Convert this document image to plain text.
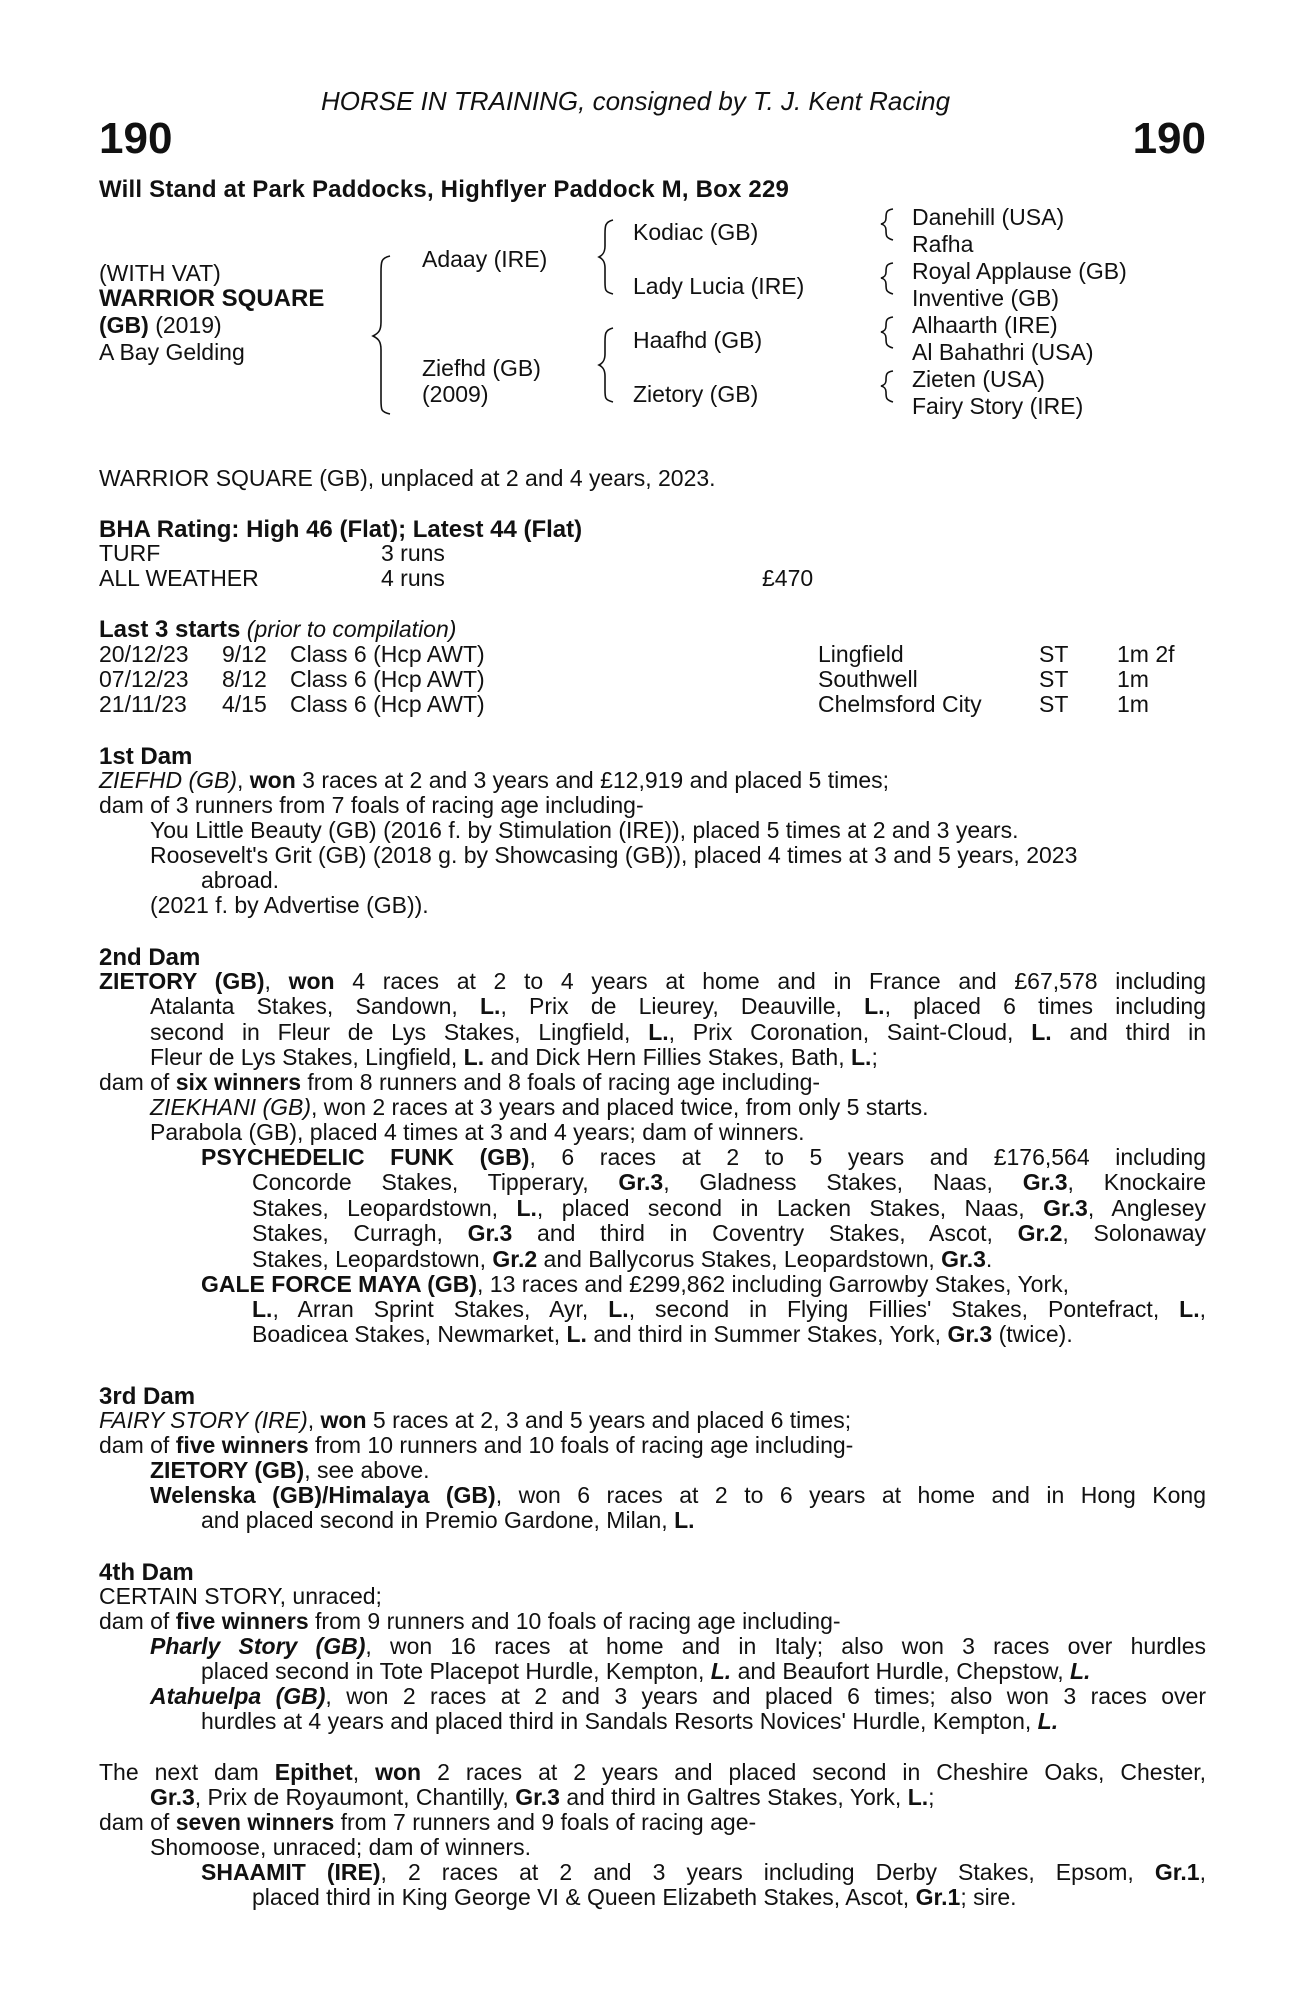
HORSE IN TRAINING, consigned by T. J. Kent Racing
190	190
Will Stand at Park Paddocks, Highflyer Paddock M, Box 229
(WITH VAT)
WARRIOR SQUARE
(GB) (2019)
A Bay Gelding
Adaay (IRE)
Ziefhd (GB)
(2009)
Kodiac (GB)
Lady Lucia (IRE)
Haafhd (GB)
Zietory (GB)
Danehill (USA)
Rafha
Royal Applause (GB)
Inventive (GB)
Alhaarth (IRE)
Al Bahathri (USA)
Zieten (USA)
Fairy Story (IRE)
WARRIOR SQUARE (GB), unplaced at 2 and 4 years, 2023.
BHA Rating: High 46 (Flat); Latest 44 (Flat)
TURF	3 runs
ALL WEATHER	4 runs	£470
Last 3 starts (prior to compilation)
20/12/23 9/12 Class 6 (Hcp AWT)	Lingfield	ST 1m 2f
07/12/23 8/12 Class 6 (Hcp AWT)	Southwell	ST 1m
21/11/23 4/15 Class 6 (Hcp AWT)	Chelmsford City ST 1m
1st Dam
ZIEFHD (GB), won 3 races at 2 and 3 years and £12,919 and placed 5 times;
dam of 3 runners from 7 foals of racing age including-
You Little Beauty (GB) (2016 f. by Stimulation (IRE)), placed 5 times at 2 and 3 years.
Roosevelt's Grit (GB) (2018 g. by Showcasing (GB)), placed 4 times at 3 and 5 years, 2023
abroad.
(2021 f. by Advertise (GB)).
2nd Dam
ZIETORY (GB), won 4 races at 2 to 4 years at home and in France and £67,578 including
Atalanta Stakes, Sandown, L., Prix de Lieurey, Deauville, L., placed 6 times including
second in Fleur de Lys Stakes, Lingfield, L., Prix Coronation, Saint-Cloud, L. and third in
Fleur de Lys Stakes, Lingfield, L. and Dick Hern Fillies Stakes, Bath, L.;
dam of six winners from 8 runners and 8 foals of racing age including-
ZIEKHANI (GB), won 2 races at 3 years and placed twice, from only 5 starts.
Parabola (GB), placed 4 times at 3 and 4 years; dam of winners.
PSYCHEDELIC FUNK (GB), 6 races at 2 to 5 years and £176,564 including
Concorde Stakes, Tipperary, Gr.3, Gladness Stakes, Naas, Gr.3, Knockaire
Stakes, Leopardstown, L., placed second in Lacken Stakes, Naas, Gr.3, Anglesey
Stakes, Curragh, Gr.3 and third in Coventry Stakes, Ascot, Gr.2, Solonaway
Stakes, Leopardstown, Gr.2 and Ballycorus Stakes, Leopardstown, Gr.3.
GALE FORCE MAYA (GB), 13 races and £299,862 including Garrowby Stakes, York,
L., Arran Sprint Stakes, Ayr, L., second in Flying Fillies' Stakes, Pontefract, L.,
Boadicea Stakes, Newmarket, L. and third in Summer Stakes, York, Gr.3 (twice).
3rd Dam
FAIRY STORY (IRE), won 5 races at 2, 3 and 5 years and placed 6 times;
dam of five winners from 10 runners and 10 foals of racing age including-
ZIETORY (GB), see above.
Welenska (GB)/Himalaya (GB), won 6 races at 2 to 6 years at home and in Hong Kong
and placed second in Premio Gardone, Milan, L.
4th Dam
CERTAIN STORY, unraced;
dam of five winners from 9 runners and 10 foals of racing age including-
Pharly Story (GB), won 16 races at home and in Italy; also won 3 races over hurdles
placed second in Tote Placepot Hurdle, Kempton, L. and Beaufort Hurdle, Chepstow, L.
Atahuelpa (GB), won 2 races at 2 and 3 years and placed 6 times; also won 3 races over
hurdles at 4 years and placed third in Sandals Resorts Novices' Hurdle, Kempton, L.
The next dam Epithet, won 2 races at 2 years and placed second in Cheshire Oaks, Chester,
Gr.3, Prix de Royaumont, Chantilly, Gr.3 and third in Galtres Stakes, York, L.;
dam of seven winners from 7 runners and 9 foals of racing age-
Shomoose, unraced; dam of winners.
SHAAMIT (IRE), 2 races at 2 and 3 years including Derby Stakes, Epsom, Gr.1,
placed third in King George VI & Queen Elizabeth Stakes, Ascot, Gr.1; sire.
